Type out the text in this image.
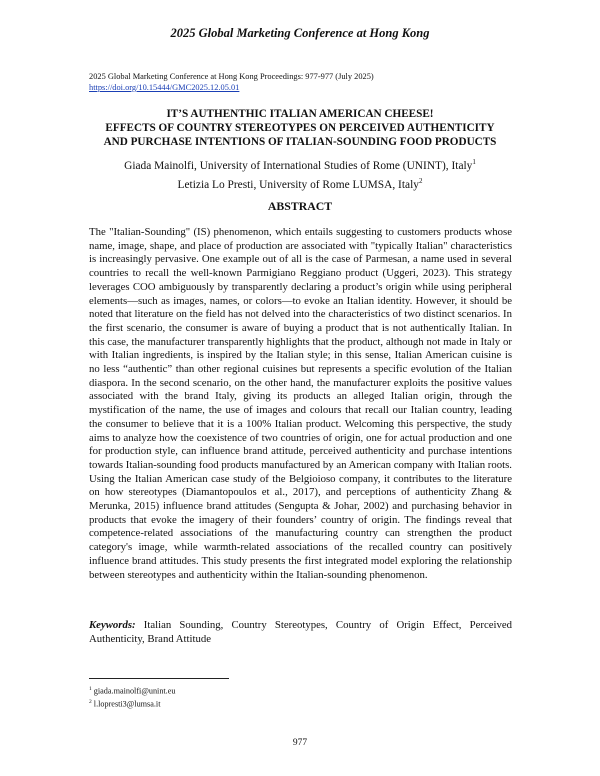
2025 Global Marketing Conference at Hong Kong
2025 Global Marketing Conference at Hong Kong Proceedings: 977-977 (July 2025)
https://doi.org/10.15444/GMC2025.12.05.01
IT’S AUTHENTHIC ITALIAN AMERICAN CHEESE!
EFFECTS OF COUNTRY STEREOTYPES ON PERCEIVED AUTHENTICITY
AND PURCHASE INTENTIONS OF ITALIAN-SOUNDING FOOD PRODUCTS
Giada Mainolfi, University of International Studies of Rome (UNINT), Italy$^1$
Letizia Lo Presti, University of Rome LUMSA, Italy$^2$
ABSTRACT

The "Italian-Sounding" (IS) phenomenon, which entails suggesting to customers products whose name, image, shape, and place of production are associated with "typically Italian" characteristics is increasingly pervasive. One example out of all is the case of Parmesan, a name used in several countries to recall the well-known Parmigiano Reggiano product (Uggeri, 2023). This strategy leverages COO ambiguously by transparently declaring a product’s origin while using peripheral elements—such as images, names, or colors—to evoke an Italian identity. However, it should be noted that literature on the field has not delved into the characteristics of two distinct scenarios. In the first scenario, the consumer is aware of buying a product that is not authentically Italian. In this case, the manufacturer transparently highlights that the product, although not made in Italy or with Italian ingredients, is inspired by the Italian style; in this sense, Italian American cuisine is no less “authentic” than other regional cuisines but represents a specific evolution of the Italian diaspora. In the second scenario, on the other hand, the manufacturer exploits the positive values associated with the brand Italy, giving its products an alleged Italian origin, through the mystification of the name, the use of images and colours that recall our Italian country, leading the consumer to believe that it is a 100% Italian product. Welcoming this perspective, the study aims to analyze how the coexistence of two countries of origin, one for actual production and one for production style, can influence brand attitude, perceived authenticity and purchase intentions towards Italian-sounding food products manufactured by an American company with Italian roots. Using the Italian American case study of the Belgioioso company, it contributes to the literature on how stereotypes (Diamantopoulos et al., 2017), and perceptions of authenticity Zhang & Merunka, 2015) influence brand attitudes (Sengupta & Johar, 2002) and purchasing behavior in products that evoke the imagery of their founders’ country of origin. The findings reveal that competence-related associations of the manufacturing country can strengthen the product category's image, while warmth-related associations of the recalled country can positively influence brand attitudes. This study presents the first integrated model exploring the relationship between stereotypes and authenticity within the Italian-sounding phenomenon.

Keywords: Italian Sounding, Country Stereotypes, Country of Origin Effect, Perceived Authenticity, Brand Attitude

$^1$ giada.mainolfi@unint.eu
$^2$ l.lopresti3@lumsa.it
977
